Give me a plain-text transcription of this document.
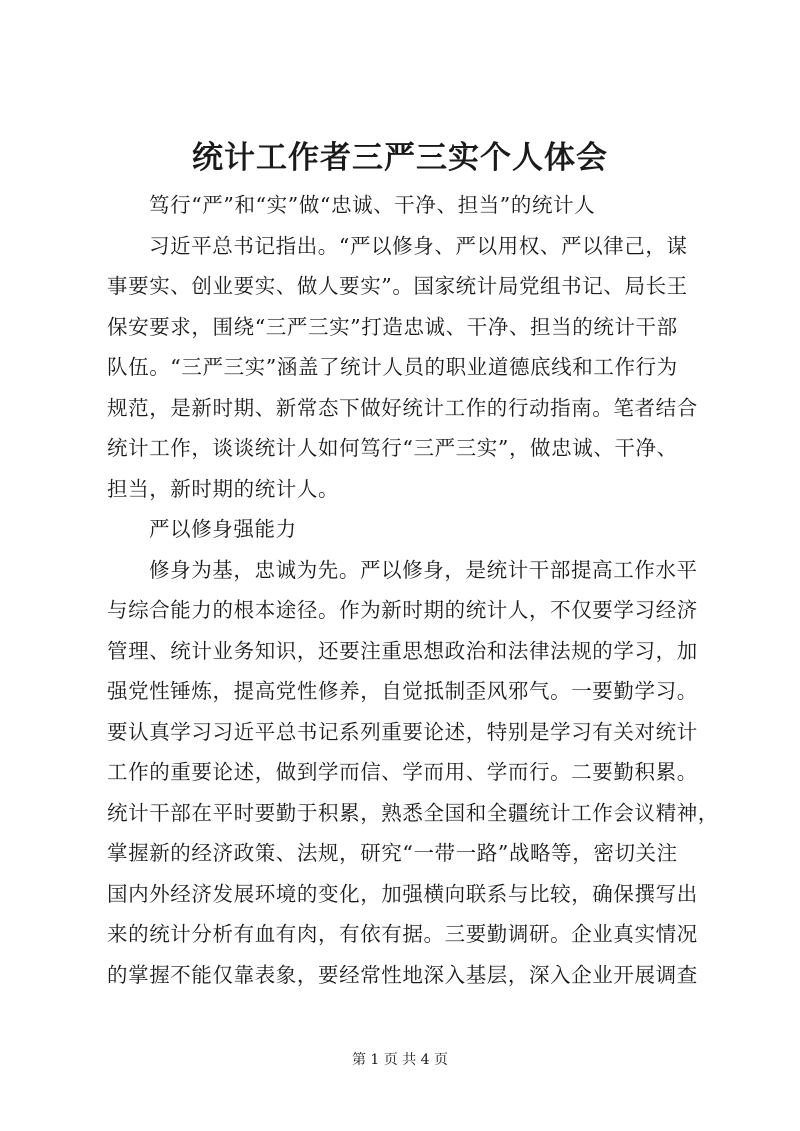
统计工作者三严三实个人体会
笃行“严”和“实”做“忠诚、干净、担当”的统计人
习近平总书记指出。“严以修身、严以用权、严以律己，谋
事要实、创业要实、做人要实”。国家统计局党组书记、局长王
保安要求，围绕“三严三实”打造忠诚、干净、担当的统计干部
队伍。“三严三实”涵盖了统计人员的职业道德底线和工作行为
规范，是新时期、新常态下做好统计工作的行动指南。笔者结合
统计工作，谈谈统计人如何笃行“三严三实”，做忠诚、干净、
担当，新时期的统计人。
严以修身强能力
修身为基，忠诚为先。严以修身，是统计干部提高工作水平
与综合能力的根本途径。作为新时期的统计人，不仅要学习经济
管理、统计业务知识，还要注重思想政治和法律法规的学习，加
强党性锤炼，提高党性修养，自觉抵制歪风邪气。一要勤学习。
要认真学习习近平总书记系列重要论述，特别是学习有关对统计
工作的重要论述，做到学而信、学而用、学而行。二要勤积累。
统计干部在平时要勤于积累，熟悉全国和全疆统计工作会议精神，
掌握新的经济政策、法规，研究“一带一路”战略等，密切关注
国内外经济发展环境的变化，加强横向联系与比较，确保撰写出
来的统计分析有血有肉，有依有据。三要勤调研。企业真实情况
的掌握不能仅靠表象，要经常性地深入基层，深入企业开展调查
第 1 页 共 4 页
